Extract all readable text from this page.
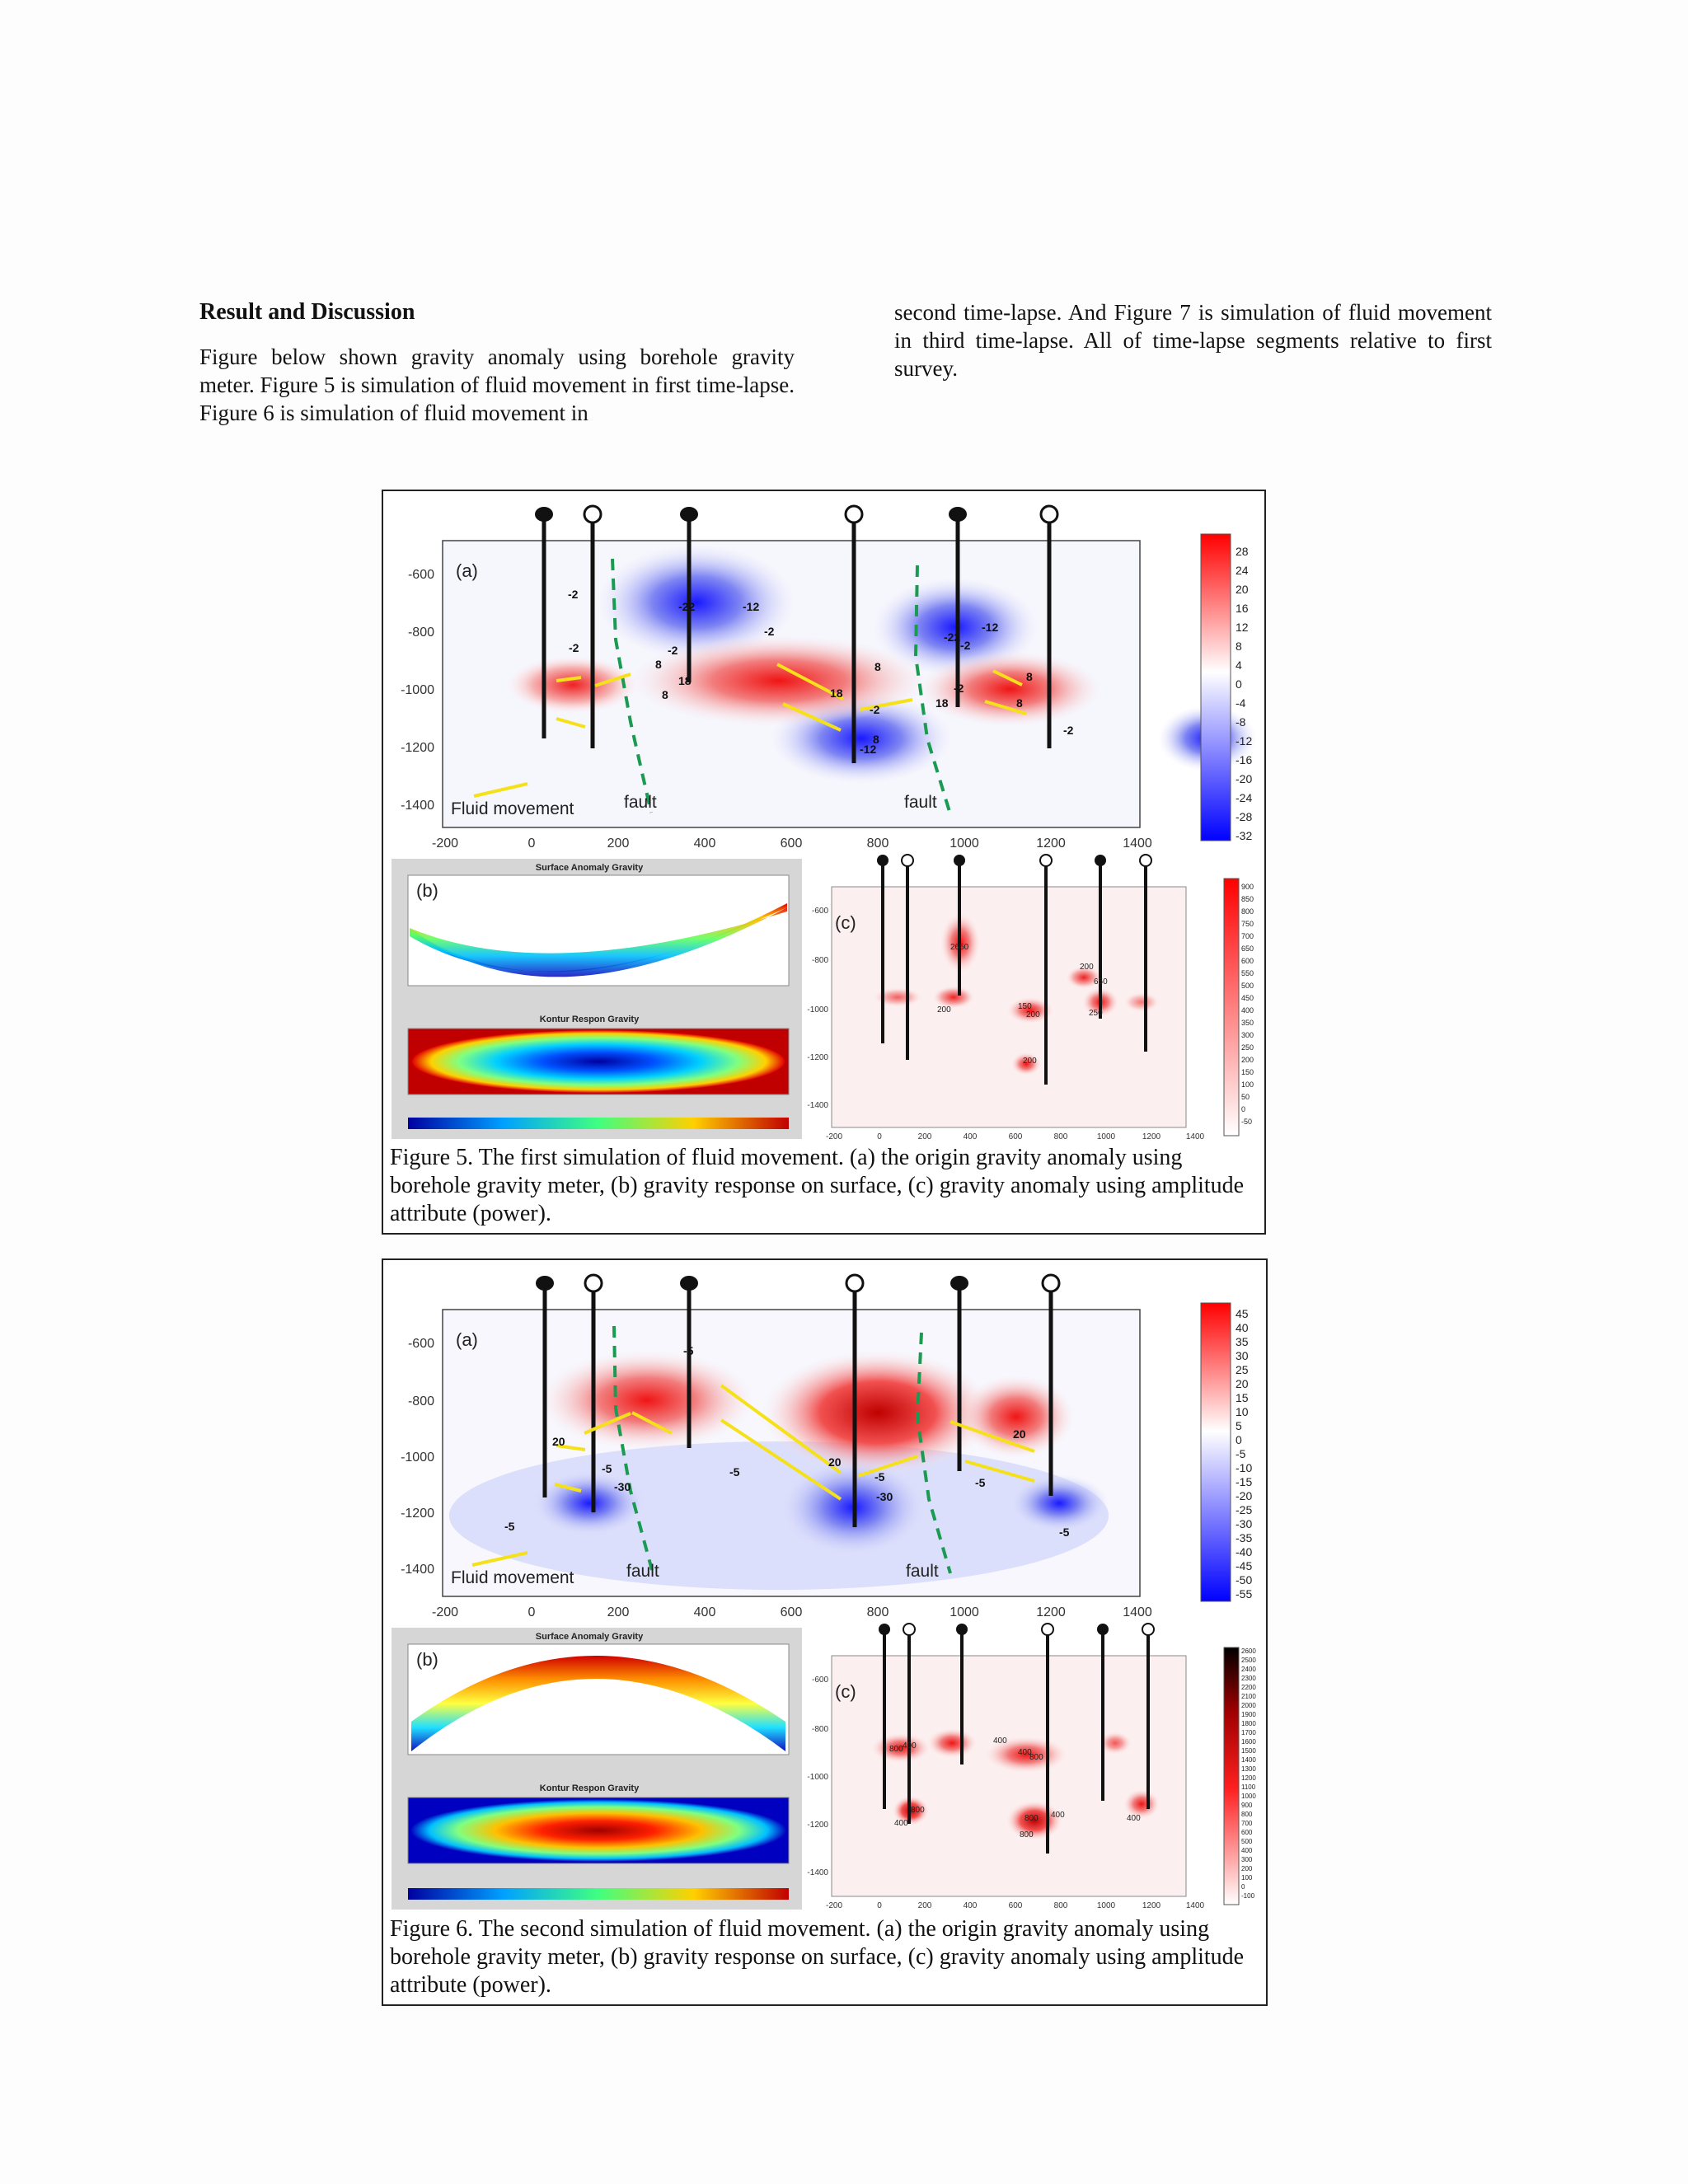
Result and Discussion

Figure below shown gravity anomaly using borehole gravity meter. Figure 5 is simulation of fluid movement in first time-lapse. Figure 6 is simulation of fluid movement in

second time-lapse. And Figure 7 is simulation of fluid movement in third time-lapse. All of time-lapse segments relative to first survey.

-600
-800
-1000
-1200
-1400
-200	0	200	400	600	800	1000	1200	1400
(a)
fault	fault
Fluid movement
-2
-22	-12
-2
18
8
8
-2
18
8
-2
-12
-22
-12
-2
8
8
18
-2
-2
8
-2
28
24
20
16
12
8
4
0
-4
-8
-12
-16
-20
-24
-28
-32
Surface Anomaly Gravity
(b)
Kontur Respon Gravity
(c)
2650
200
200
650
200	250
200
150
-600
-800
-1000
-1200
-1400
-200	0	200	400	600	800	1000	1200	1400
900
850
800
750
700
650
600
550
500
450
400
350
300
250
200
150
100
50
0
-50
Figure 5. The first simulation of fluid movement. (a) the origin gravity anomaly using borehole gravity meter, (b) gravity response on surface, (c) gravity anomaly using amplitude attribute (power).
-600
-800
-1000
-1200
-1400
-200	0	200	400	600	800	1000	1200	1400
(a)
fault	fault
Fluid movement
-5
20
-5
-30
-5
20
-5
-30
-5
20
-5	-5
45
40
35
30
25
20
15
10
5
0
-5
-10
-15
-20
-25
-30
-35
-40
-45
-50
-55
Surface Anomaly Gravity
(b)
Kontur Respon Gravity
(c)
800 400
400
800
400
800
800 400
800
400
400
-600
-800
-1000
-1200
-1400
-200	0	200	400	600	800	1000	1200	1400
2600
2500
2400
2300
2200
2100
2000
1900
1800
1700
1600
1500
1400
1300
1200
1100
1000
900
800
700
600
500
400
300
200
100
0
-100
Figure 6. The second simulation of fluid movement. (a) the origin gravity anomaly using borehole gravity meter, (b) gravity response on surface, (c) gravity anomaly using amplitude attribute (power).
